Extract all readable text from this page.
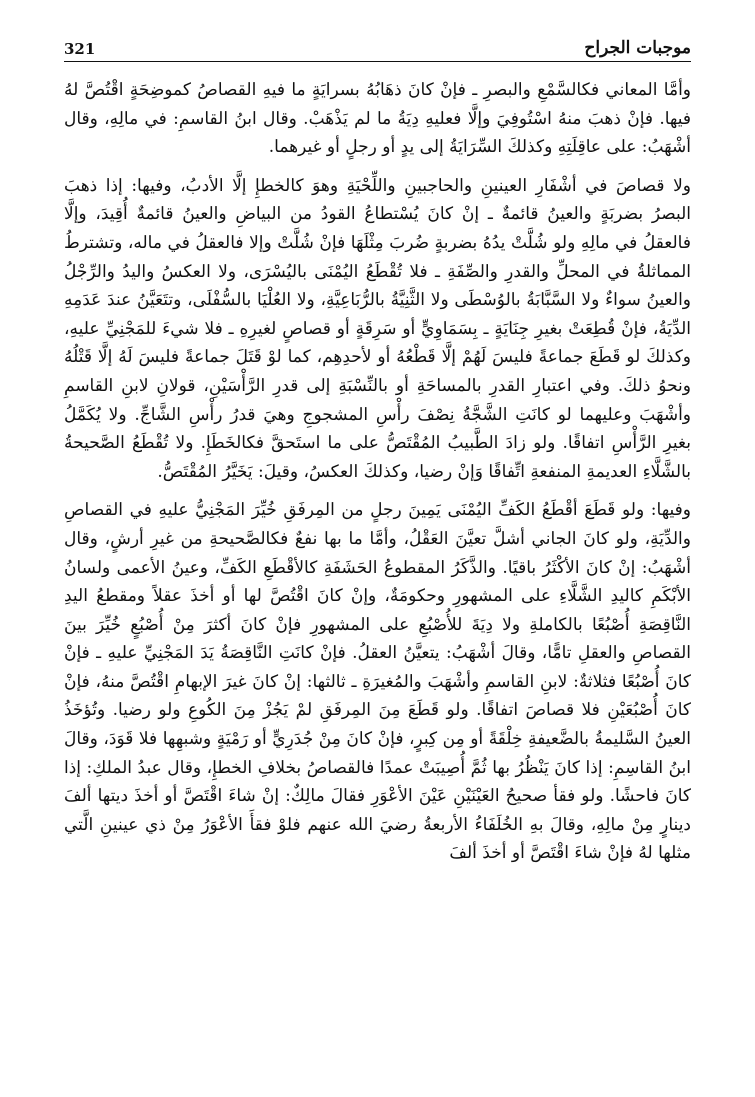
موجبات الجراح
321

وأمَّا المعاني فكالسَّمْعِ والبصرِ ـ فإنْ كانَ ذهَابُهُ بسرايَةٍ ما فيهِ القصاصُ كموضِحَةٍ اقْتُصَّ لهُ فيها. فإنْ ذهبَ منهُ اسْتُوفِيَ وإلَّا فعليهِ دِيَةُ ما لم يَذْهَبْ. وقال ابنُ القاسمِ: في مالِهِ، وقال أشْهَبُ: على عاقِلَتِهِ وكذلكَ السِّرَايَةُ إلى يدٍ أو رجلٍ أو غيرهما.

ولا قصاصَ في أشْفَارِ العينينِ والحاجبينِ واللِّحْيَةِ وهوَ كالخطإِ إلَّا الأدبُ، وفيها: إذا ذهبَ البصرُ بضربَةٍ والعينُ قائمةٌ ـ إنْ كانَ يُسْتطاعُ القودُ من البياضِ والعينُ قائمةٌ أُقِيدَ، وإلَّا فالعقلُ في مالِهِ ولو شُلَّتْ يدُهُ بضربةٍ ضُربَ مِثْلَهَا فإنْ شُلَّتْ وإلا فالعقلُ في ماله، وتشترطُ المماثلةُ في المحلِّ والقدرِ والصِّفَةِ ـ فلا تُقْطَعُ اليُمْنَى باليُسْرَى، ولا العكسُ واليدُ والرِّجْلُ والعينُ سواءٌ ولا السَّبَّابَةُ بالوُسْطَى ولا الثَّنِيَّةُ بالرُّبَاعِيَّةِ، ولا العُلْيَا بالسُّفْلَى، وتتَعَيَّنُ عندَ عَدَمِهِ الدِّيَةُ، فإنْ قُطِعَتْ بغيرِ جِنَايَةٍ ـ بِسَمَاوِيٍّ أو سَرِقَةٍ أو قصاصٍ لغيرِهِ ـ فلا شيءَ للمَجْنِيِّ عليهِ، وكذلكَ لو قَطَعَ جماعةً فليسَ لَهُمْ إلَّا قَطْعُهُ أو لأحدِهِم، كما لوْ قَتَلَ جماعةً فليسَ لَهُ إلَّا قَتْلُهُ ونحوُ ذلكَ. وفي اعتبارِ القدرِ بالمساحَةِ أو بالنِّسْبَةِ إلى قدرِ الرَّأْسَيْنِ، قولانِ لابنِ القاسمِ وأشْهَبَ وعليهما لو كانَتِ الشَّجَّةُ نِصْفَ رأْسِ المشجوجِ وهيَ قدرُ رأْسِ الشَّاجِّ. ولا يُكَمَّلُ بغيرِ الرَّأْسِ اتفاقًا. ولو زادَ الطَّبيبُ المُقْتَصُّ على ما استَحقَّ فكالخَطَإِ. ولا تُقْطَعُ الصَّحيحةُ بالشَّلَّاءِ العديمةِ المنفعةِ اتِّفاقًا وَإنْ رضيا، وكذلكَ العكسُ، وقيلَ: يَخَيَّرُ المُقْتَصُّ.

وفيها: ولو قَطَعَ أقْطَعُ الكَفِّ اليُمْنَى يَمِينَ رجلٍ من المِرفَقِ خُيِّرَ المَجْنِيُّ عليهِ في القصاصِ والدِّيَةِ، ولو كانَ الجاني أشلَّ تعيَّنَ العَقْلُ، وأمَّا ما بها نفعٌ فكالصَّحيحةِ من غيرِ أرشٍ، وقال أشْهَبُ: إنْ كانَ الأكْثَرُ باقيًا. والذَّكَرُ المقطوعُ الحَشَفَةِ كالأقْطَعِ الكَفِّ، وعينُ الأعمى ولسانُ الأبْكَمِ كاليدِ الشَّلَّاءِ على المشهورِ وحكومَةٌ، وإنْ كانَ اقْتُصَّ لها أو أخذَ عقلاً ومقطعُ اليدِ النَّاقِصَةِ أُصْبُعًا بالكاملةِ ولا دِيَةَ للأُصْبُعِ على المشهورِ فإنْ كانَ أكثرَ مِنْ أُصْبُعٍ خُيِّرَ بينَ القصاصِ والعقلِ تامًّا، وقالَ أشْهَبُ: يتعيَّنُ العقلُ. فإنْ كانَتِ النَّاقِصَةُ يَدَ المَجْنِيِّ عليهِ ـ فإنْ كانَ أُصْبُعًا فثلاثةٌ: لابنِ القاسمِ وأشْهَبَ والمُغيرَةِ ـ ثالثها: إنْ كانَ غيرَ الإبهامِ اقْتُصَّ منهُ، فإنْ كانَ أُصْبُعَيْنِ فلا قصاصَ اتفاقًا. ولو قَطَعَ مِنَ المِرفَقِ لمْ يَجُزْ مِنَ الكُوعِ ولو رضيا. وتُؤخَذُ العينُ السَّليمةُ بالضَّعيفةِ خِلْقَةً أو مِن كِبرٍ، فإنْ كانَ مِنْ جُدَرِيٍّ أو رَمْيَةٍ وشبهِها فلا قَوَدَ، وقالَ ابنُ القاسِمِ: إذا كانَ يَنْظُرُ بها ثُمَّ أُصِيبَتْ عمدًا فالقصاصُ بخلافِ الخطإِ، وقال عبدُ الملكِ: إذا كانَ فاحشًا. ولو فقأ صحيحُ العَيْنَيْنِ عَيْنَ الأعْوَرِ فقالَ مالِكٌ: إنْ شاءَ اقْتَصَّ أو أخذَ ديتها ألفَ دينارٍ مِنْ مالِهِ، وقالَ بهِ الخُلَفَاءُ الأربعةُ رضيَ الله عنهم فلوْ فقأَ الأعْوَرُ مِنْ ذي عينينِ الَّتي مثلها لهُ فإنْ شاءَ اقْتَصَّ أو أخذَ ألفَ
